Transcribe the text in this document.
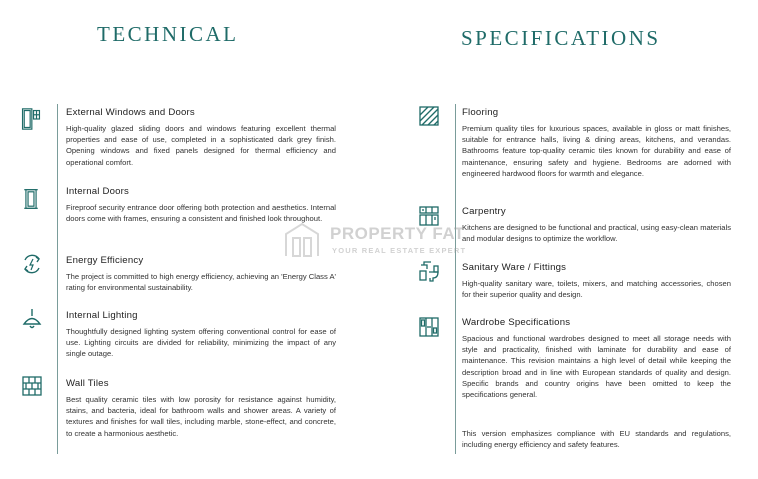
TECHNICAL	SPECIFICATIONS
External Windows and Doors

High-quality glazed sliding doors and windows featuring excellent thermal properties and ease of use, completed in a sophisticated dark grey finish. Opening windows and fixed panels designed for thermal efficiency and operational comfort.

Internal Doors

Fireproof security entrance door offering both protection and aesthetics. Internal doors come with frames, ensuring a consistent and finished look throughout.

Energy Efficiency

The project is committed to high energy efficiency, achieving an 'Energy Class A' rating for environmental sustainability.

Internal Lighting

Thoughtfully designed lighting system offering conventional control for ease of use. Lighting circuits are divided for reliability, minimizing the impact of any single outage.

Wall Tiles

Best quality ceramic tiles with low porosity for resistance against humidity, stains, and bacteria, ideal for bathroom walls and shower areas. A variety of textures and finishes for wall tiles, including marble, stone-effect, and concrete, to create a harmonious aesthetic.

Flooring

Premium quality tiles for luxurious spaces, available in gloss or matt finishes, suitable for entrance halls, living & dining areas, kitchens, and verandas. Bathrooms feature top-quality ceramic tiles known for durability and ease of maintenance, ensuring safety and hygiene. Bedrooms are adorned with engineered hardwood floors for warmth and elegance.

Carpentry

Kitchens are designed to be functional and practical, using easy-clean materials and modular designs to optimize the workflow.

Sanitary Ware / Fittings

High-quality sanitary ware, toilets, mixers, and matching accessories, chosen for their superior quality and design.

Wardrobe Specifications

Spacious and functional wardrobes designed to meet all storage needs with style and practicality, finished with laminate for durability and ease of maintenance. This revision maintains a high level of detail while keeping the description broad and in line with European standards of quality and design. Specific brands and country origins have been omitted to keep the specifications general.

This version emphasizes compliance with EU standards and regulations, including energy efficiency and safety features.

PROPERTY FAT
YOUR REAL ESTATE EXPERT
